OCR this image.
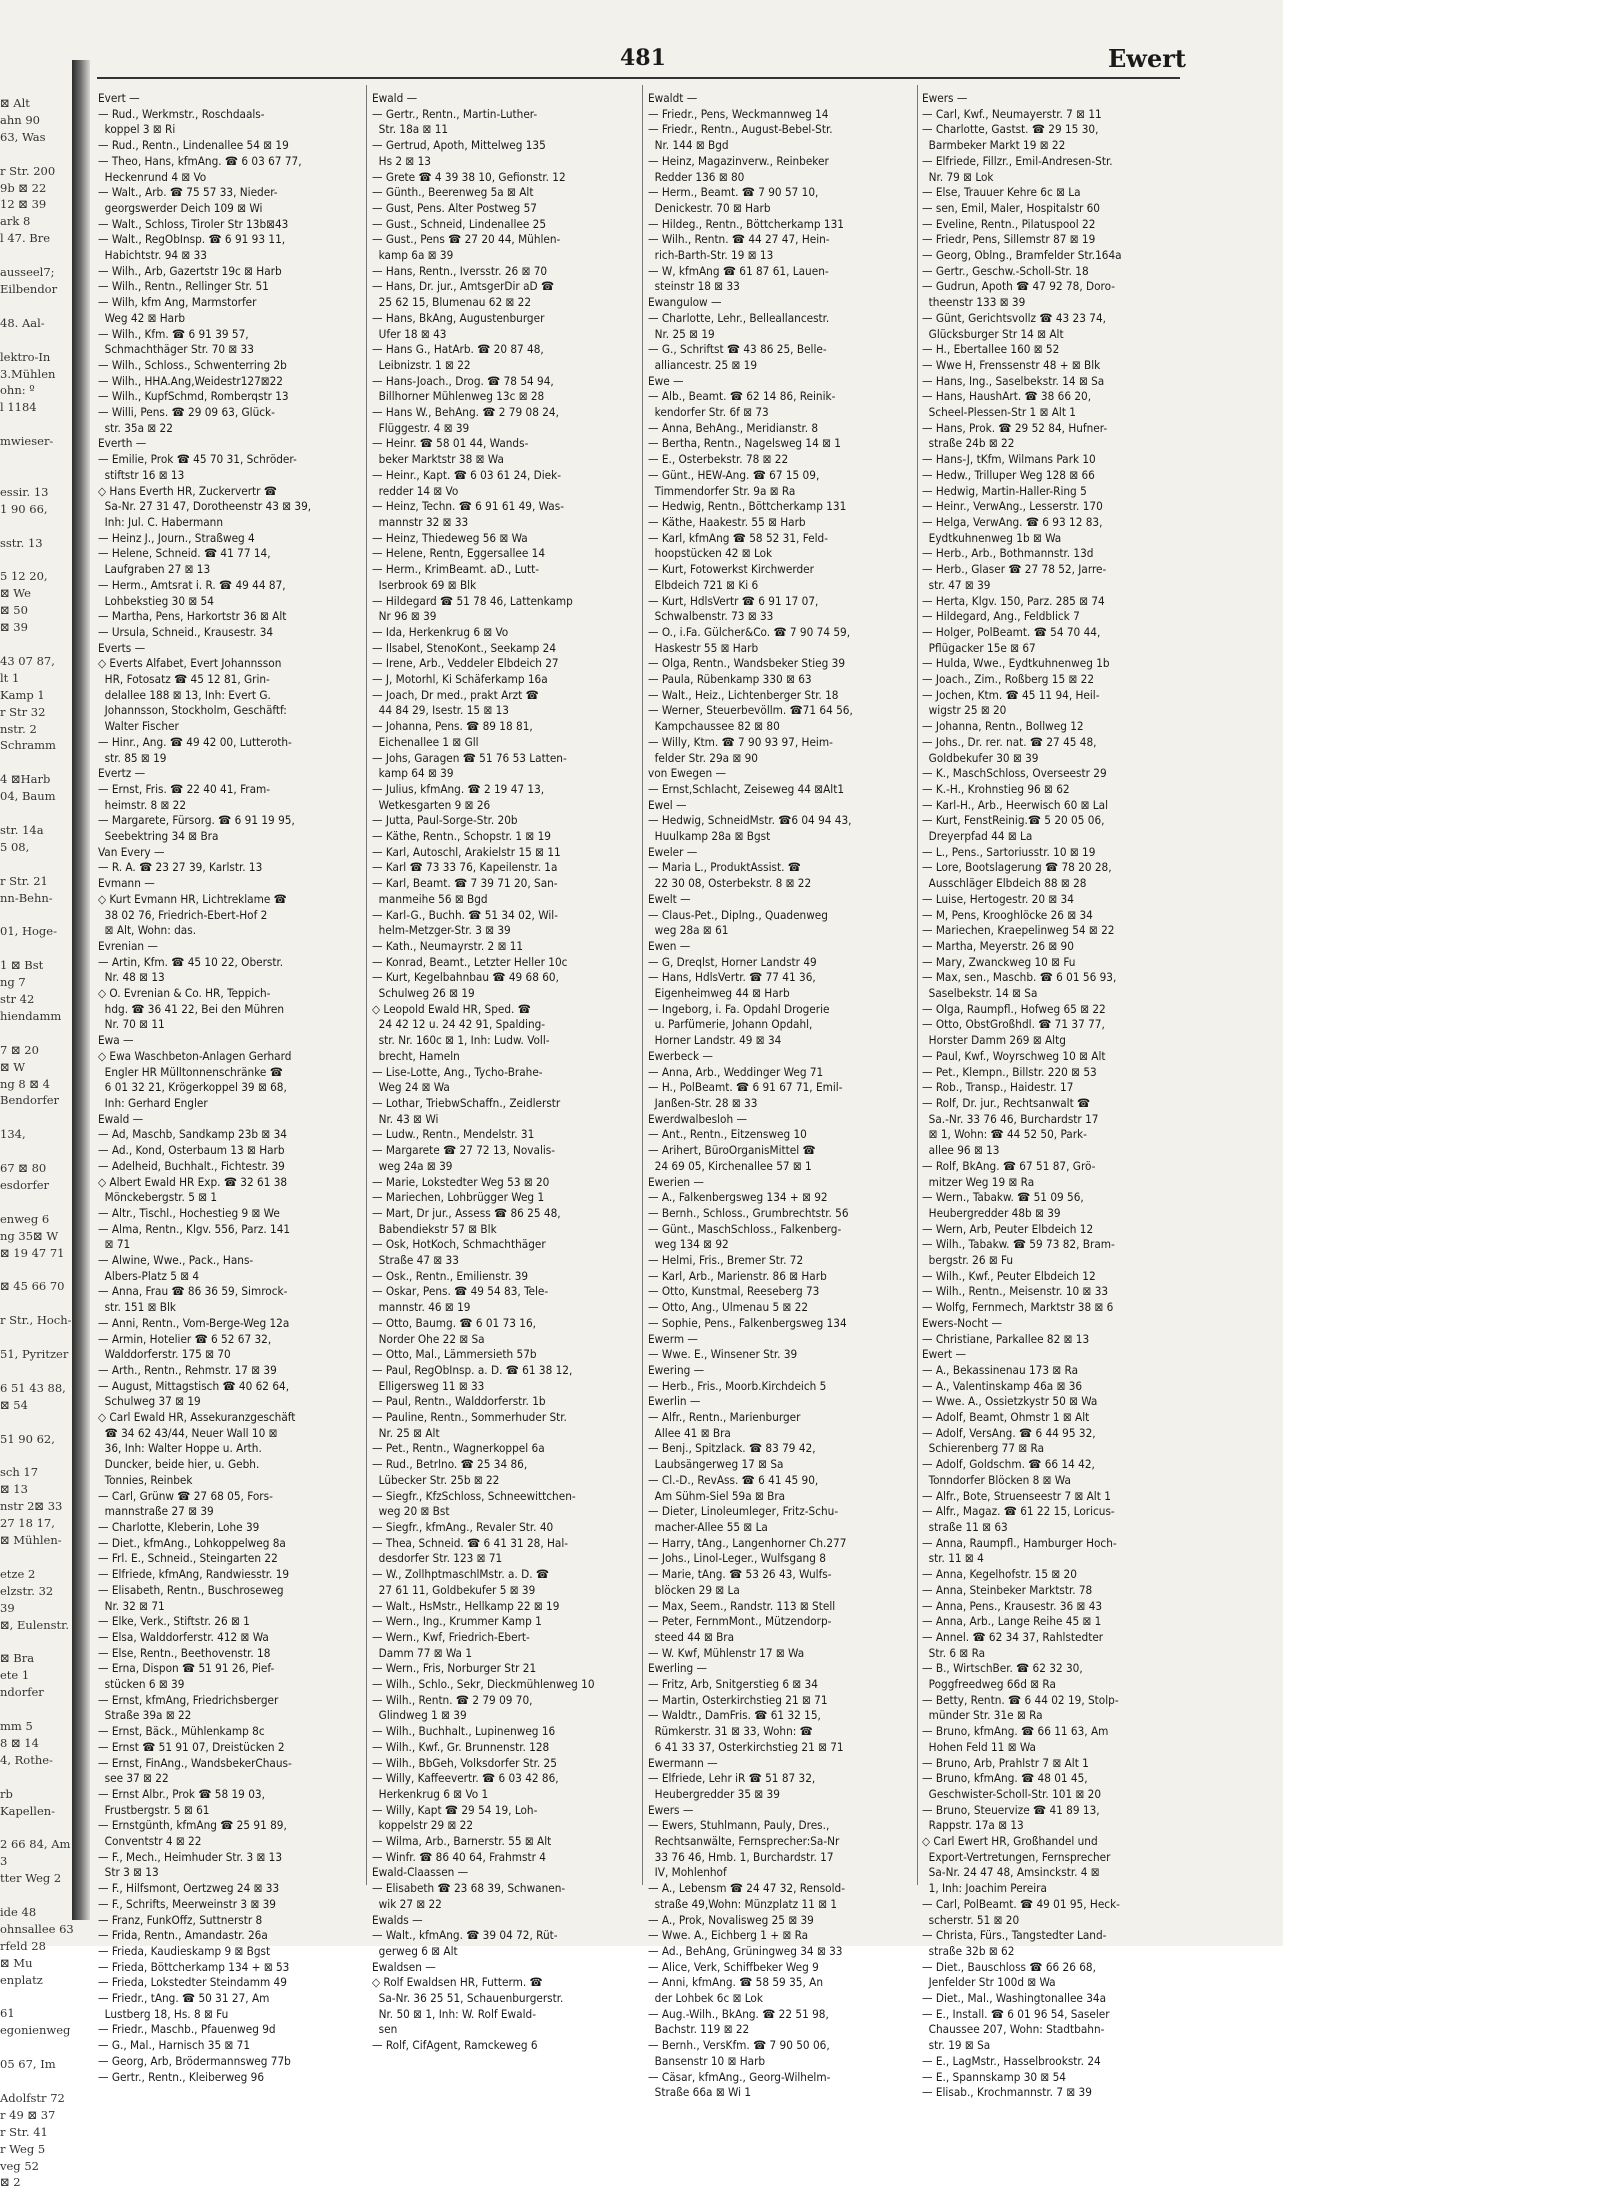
⊠ Alt
ahn 90
63, Was

r Str. 200
9b ⊠ 22
12 ⊠ 39
ark 8
l 47. Bre

ausseel7;
Eilbendor

48. Aal-

lektro-In
3.Mühlen
ohn: º
l 1184

mwieser-

essir. 13
1 90 66,

sstr. 13

5 12 20,
⊠ We
⊠ 50
⊠ 39

43 07 87,
lt 1
Kamp 1
r Str 32
nstr. 2
Schramm

4 ⊠Harb
04, Baum

str. 14a
5 08,

r Str. 21
nn-Behn-

01, Hoge-

1 ⊠ Bst
ng 7
str 42
hiendamm

7 ⊠ 20
⊠ W
ng 8 ⊠ 4
Bendorfer

134,

67 ⊠ 80
esdorfer

enweg 6
ng 35⊠ W
⊠ 19 47 71

⊠ 45 66 70

r Str., Hoch-

51, Pyritzer

6 51 43 88,
⊠ 54

51 90 62,

sch 17
⊠ 13
nstr 2⊠ 33
27 18 17,
⊠ Mühlen-

etze 2
elzstr. 32
39
⊠, Eulenstr.

⊠ Bra
ete 1
ndorfer

mm 5
8 ⊠ 14
4, Rothe-

rb
Kapellen-

2 66 84, Am
3
tter Weg 2

ide 48
ohnsallee 63
rfeld 28
⊠ Mu
enplatz

61
egonienweg

05 67, Im

Adolfstr 72
r 49 ⊠ 37
r Str. 41
r Weg 5
veg 52
⊠ 2
481	Ewert
Evert —
— Rud., Werkmstr., Roschdaals-
koppel 3 ⊠ Ri
— Rud., Rentn., Lindenallee 54 ⊠ 19
— Theo, Hans, kfmAng. ☎ 6 03 67 77,
Heckenrund 4 ⊠ Vo
— Walt., Arb. ☎ 75 57 33, Nieder-
georgswerder Deich 109 ⊠ Wi
— Walt., Schloss, Tiroler Str 13b⊠43
— Walt., RegObInsp. ☎ 6 91 93 11,
Habichtstr. 94 ⊠ 33
— Wilh., Arb, Gazertstr 19c ⊠ Harb
— Wilh., Rentn., Rellinger Str. 51
— Wilh, kfm Ang, Marmstorfer
Weg 42 ⊠ Harb
— Wilh., Kfm. ☎ 6 91 39 57,
Schmachthäger Str. 70 ⊠ 33
— Wilh., Schloss., Schwenterring 2b
— Wilh., HHA.Ang,Weidestr127⊠22
— Wilh., KupfSchmd, Romberqstr 13
— Willi, Pens. ☎ 29 09 63, Glück-
str. 35a ⊠ 22
Everth —
— Emilie, Prok ☎ 45 70 31, Schröder-
stiftstr 16 ⊠ 13
◇ Hans Everth HR, Zuckervertr ☎
Sa-Nr. 27 31 47, Dorotheenstr 43 ⊠ 39,
Inh: Jul. C. Habermann
— Heinz J., Journ., Straßweg 4
— Helene, Schneid. ☎ 41 77 14,
Laufgraben 27 ⊠ 13
— Herm., Amtsrat i. R. ☎ 49 44 87,
Lohbekstieg 30 ⊠ 54
— Martha, Pens, Harkortstr 36 ⊠ Alt
— Ursula, Schneid., Krausestr. 34
Everts —
◇ Everts Alfabet, Evert Johannsson
HR, Fotosatz ☎ 45 12 81, Grin-
delallee 188 ⊠ 13, Inh: Evert G.
Johannsson, Stockholm, Geschäftf:
Walter Fischer
— Hinr., Ang. ☎ 49 42 00, Lutteroth-
str. 85 ⊠ 19
Evertz —
— Ernst, Fris. ☎ 22 40 41, Fram-
heimstr. 8 ⊠ 22
— Margarete, Fürsorg. ☎ 6 91 19 95,
Seebektring 34 ⊠ Bra
Van Every —
— R. A. ☎ 23 27 39, Karlstr. 13
Evmann —
◇ Kurt Evmann HR, Lichtreklame ☎
38 02 76, Friedrich-Ebert-Hof 2
⊠ Alt, Wohn: das.
Evrenian —
— Artin, Kfm. ☎ 45 10 22, Oberstr.
Nr. 48 ⊠ 13
◇ O. Evrenian & Co. HR, Teppich-
hdg. ☎ 36 41 22, Bei den Mühren
Nr. 70 ⊠ 11
Ewa —
◇ Ewa Waschbeton-Anlagen Gerhard
Engler HR Mülltonnenschränke ☎
6 01 32 21, Krögerkoppel 39 ⊠ 68,
Inh: Gerhard Engler
Ewald —
— Ad, Maschb, Sandkamp 23b ⊠ 34
— Ad., Kond, Osterbaum 13 ⊠ Harb
— Adelheid, Buchhalt., Fichtestr. 39
◇ Albert Ewald HR Exp. ☎ 32 61 38
Mönckebergstr. 5 ⊠ 1
— Altr., Tischl., Hochestieg 9 ⊠ We
— Alma, Rentn., Klgv. 556, Parz. 141
⊠ 71
— Alwine, Wwe., Pack., Hans-
Albers-Platz 5 ⊠ 4
— Anna, Frau ☎ 86 36 59, Simrock-
str. 151 ⊠ Blk
— Anni, Rentn., Vom-Berge-Weg 12a
— Armin, Hotelier ☎ 6 52 67 32,
Walddorferstr. 175 ⊠ 70
— Arth., Rentn., Rehmstr. 17 ⊠ 39
— August, Mittagstisch ☎ 40 62 64,
Schulweg 37 ⊠ 19
◇ Carl Ewald HR, Assekuranzgeschäft
☎ 34 62 43/44, Neuer Wall 10 ⊠
36, Inh: Walter Hoppe u. Arth.
Duncker, beide hier, u. Gebh.
Tonnies, Reinbek
— Carl, Grünw ☎ 27 68 05, Fors-
mannstraße 27 ⊠ 39
— Charlotte, Kleberin, Lohe 39
— Diet., kfmAng., Lohkoppelweg 8a
— Frl. E., Schneid., Steingarten 22
— Elfriede, kfmAng, Randwiesstr. 19
— Elisabeth, Rentn., Buschroseweg
Nr. 32 ⊠ 71
— Elke, Verk., Stiftstr. 26 ⊠ 1
— Elsa, Walddorferstr. 412 ⊠ Wa
— Else, Rentn., Beethovenstr. 18
— Erna, Dispon ☎ 51 91 26, Pief-
stücken 6 ⊠ 39
— Ernst, kfmAng, Friedrichsberger
Straße 39a ⊠ 22
— Ernst, Bäck., Mühlenkamp 8c
— Ernst ☎ 51 91 07, Dreistücken 2
— Ernst, FinAng., WandsbekerChaus-
see 37 ⊠ 22
— Ernst Albr., Prok ☎ 58 19 03,
Frustbergstr. 5 ⊠ 61
— Ernstgünth, kfmAng ☎ 25 91 89,
Conventstr 4 ⊠ 22
— F., Mech., Heimhuder Str. 3 ⊠ 13
Str 3 ⊠ 13
— F., Hilfsmont, Oertzweg 24 ⊠ 33
— F., Schrifts, Meerweinstr 3 ⊠ 39
— Franz, FunkOffz, Suttnerstr 8
— Frida, Rentn., Amandastr. 26a
— Frieda, Kaudieskamp 9 ⊠ Bgst
— Frieda, Böttcherkamp 134 + ⊠ 53
— Frieda, Lokstedter Steindamm 49
— Friedr., tAng. ☎ 50 31 27, Am
Lustberg 18, Hs. 8 ⊠ Fu
— Friedr., Maschb., Pfauenweg 9d
— G., Mal., Harnisch 35 ⊠ 71
— Georg, Arb, Brödermannsweg 77b
— Gertr., Rentn., Kleiberweg 96
Ewald —
— Gertr., Rentn., Martin-Luther-
Str. 18a ⊠ 11
— Gertrud, Apoth, Mittelweg 135
Hs 2 ⊠ 13
— Grete ☎ 4 39 38 10, Gefionstr. 12
— Günth., Beerenweg 5a ⊠ Alt
— Gust, Pens. Alter Postweg 57
— Gust., Schneid, Lindenallee 25
— Gust., Pens ☎ 27 20 44, Mühlen-
kamp 6a ⊠ 39
— Hans, Rentn., Iversstr. 26 ⊠ 70
— Hans, Dr. jur., AmtsgerDir aD ☎
25 62 15, Blumenau 62 ⊠ 22
— Hans, BkAng, Augustenburger
Ufer 18 ⊠ 43
— Hans G., HatArb. ☎ 20 87 48,
Leibnizstr. 1 ⊠ 22
— Hans-Joach., Drog. ☎ 78 54 94,
Billhorner Mühlenweg 13c ⊠ 28
— Hans W., BehAng. ☎ 2 79 08 24,
Flüggestr. 4 ⊠ 39
— Heinr. ☎ 58 01 44, Wands-
beker Marktstr 38 ⊠ Wa
— Heinr., Kapt. ☎ 6 03 61 24, Diek-
redder 14 ⊠ Vo
— Heinz, Techn. ☎ 6 91 61 49, Was-
mannstr 32 ⊠ 33
— Heinz, Thiedeweg 56 ⊠ Wa
— Helene, Rentn, Eggersallee 14
— Herm., KrimBeamt. aD., Lutt-
Iserbrook 69 ⊠ Blk
— Hildegard ☎ 51 78 46, Lattenkamp
Nr 96 ⊠ 39
— Ida, Herkenkrug 6 ⊠ Vo
— Ilsabel, StenoKont., Seekamp 24
— Irene, Arb., Veddeler Elbdeich 27
— J, Motorhl, Ki Schäferkamp 16a
— Joach, Dr med., prakt Arzt ☎
44 84 29, Isestr. 15 ⊠ 13
— Johanna, Pens. ☎ 89 18 81,
Eichenallee 1 ⊠ Gll
— Johs, Garagen ☎ 51 76 53 Latten-
kamp 64 ⊠ 39
— Julius, kfmAng. ☎ 2 19 47 13,
Wetkesgarten 9 ⊠ 26
— Jutta, Paul-Sorge-Str. 20b
— Käthe, Rentn., Schopstr. 1 ⊠ 19
— Karl, Autoschl, Arakielstr 15 ⊠ 11
— Karl ☎ 73 33 76, Kapeilenstr. 1a
— Karl, Beamt. ☎ 7 39 71 20, San-
manmeihe 56 ⊠ Bgd
— Karl-G., Buchh. ☎ 51 34 02, Wil-
helm-Metzger-Str. 3 ⊠ 39
— Kath., Neumayrstr. 2 ⊠ 11
— Konrad, Beamt., Letzter Heller 10c
— Kurt, Kegelbahnbau ☎ 49 68 60,
Schulweg 26 ⊠ 19
◇ Leopold Ewald HR, Sped. ☎
24 42 12 u. 24 42 91, Spalding-
str. Nr. 160c ⊠ 1, Inh: Ludw. Voll-
brecht, Hameln
— Lise-Lotte, Ang., Tycho-Brahe-
Weg 24 ⊠ Wa
— Lothar, TriebwSchaffn., Zeidlerstr
Nr. 43 ⊠ Wi
— Ludw., Rentn., Mendelstr. 31
— Margarete ☎ 27 72 13, Novalis-
weg 24a ⊠ 39
— Marie, Lokstedter Weg 53 ⊠ 20
— Mariechen, Lohbrügger Weg 1
— Mart, Dr jur., Assess ☎ 86 25 48,
Babendiekstr 57 ⊠ Blk
— Osk, HotKoch, Schmachthäger
Straße 47 ⊠ 33
— Osk., Rentn., Emilienstr. 39
— Oskar, Pens. ☎ 49 54 83, Tele-
mannstr. 46 ⊠ 19
— Otto, Baumg. ☎ 6 01 73 16,
Norder Ohe 22 ⊠ Sa
— Otto, Mal., Lämmersieth 57b
— Paul, RegObInsp. a. D. ☎ 61 38 12,
Elligersweg 11 ⊠ 33
— Paul, Rentn., Walddorferstr. 1b
— Pauline, Rentn., Sommerhuder Str.
Nr. 25 ⊠ Alt
— Pet., Rentn., Wagnerkoppel 6a
— Rud., Betrlno. ☎ 25 34 86,
Lübecker Str. 25b ⊠ 22
— Siegfr., KfzSchloss, Schneewittchen-
weg 20 ⊠ Bst
— Siegfr., kfmAng., Revaler Str. 40
— Thea, Schneid. ☎ 6 41 31 28, Hal-
desdorfer Str. 123 ⊠ 71
— W., ZollhptmaschlMstr. a. D. ☎
27 61 11, Goldbekufer 5 ⊠ 39
— Walt., HsMstr., Hellkamp 22 ⊠ 19
— Wern., Ing., Krummer Kamp 1
— Wern., Kwf, Friedrich-Ebert-
Damm 77 ⊠ Wa 1
— Wern., Fris, Norburger Str 21
— Wilh., Schlo., Sekr, Dieckmühlenweg 10
— Wilh., Rentn. ☎ 2 79 09 70,
Glindweg 1 ⊠ 39
— Wilh., Buchhalt., Lupinenweg 16
— Wilh., Kwf., Gr. Brunnenstr. 128
— Wilh., BbGeh, Volksdorfer Str. 25
— Willy, Kaffeevertr. ☎ 6 03 42 86,
Herkenkrug 6 ⊠ Vo 1
— Willy, Kapt ☎ 29 54 19, Loh-
koppelstr 29 ⊠ 22
— Wilma, Arb., Barnerstr. 55 ⊠ Alt
— Winfr. ☎ 86 40 64, Frahmstr 4
Ewald-Claassen —
— Elisabeth ☎ 23 68 39, Schwanen-
wik 27 ⊠ 22
Ewalds —
— Walt., kfmAng. ☎ 39 04 72, Rüt-
gerweg 6 ⊠ Alt
Ewaldsen —
◇ Rolf Ewaldsen HR, Futterm. ☎
Sa-Nr. 36 25 51, Schauenburgerstr.
Nr. 50 ⊠ 1, Inh: W. Rolf Ewald-
sen
— Rolf, CifAgent, Ramckeweg 6
Ewaldt —
— Friedr., Pens, Weckmannweg 14
— Friedr., Rentn., August-Bebel-Str.
Nr. 144 ⊠ Bgd
— Heinz, Magazinverw., Reinbeker
Redder 136 ⊠ 80
— Herm., Beamt. ☎ 7 90 57 10,
Denickestr. 70 ⊠ Harb
— Hildeg., Rentn., Böttcherkamp 131
— Wilh., Rentn. ☎ 44 27 47, Hein-
rich-Barth-Str. 19 ⊠ 13
— W, kfmAng ☎ 61 87 61, Lauen-
steinstr 18 ⊠ 33
Ewangulow —
— Charlotte, Lehr., Belleallancestr.
Nr. 25 ⊠ 19
— G., Schriftst ☎ 43 86 25, Belle-
alliancestr. 25 ⊠ 19
Ewe —
— Alb., Beamt. ☎ 62 14 86, Reinik-
kendorfer Str. 6f ⊠ 73
— Anna, BehAng., Meridianstr. 8
— Bertha, Rentn., Nagelsweg 14 ⊠ 1
— E., Osterbekstr. 78 ⊠ 22
— Günt., HEW-Ang. ☎ 67 15 09,
Timmendorfer Str. 9a ⊠ Ra
— Hedwig, Rentn., Böttcherkamp 131
— Käthe, Haakestr. 55 ⊠ Harb
— Karl, kfmAng ☎ 58 52 31, Feld-
hoopstücken 42 ⊠ Lok
— Kurt, Fotowerkst Kirchwerder
Elbdeich 721 ⊠ Ki 6
— Kurt, HdlsVertr ☎ 6 91 17 07,
Schwalbenstr. 73 ⊠ 33
— O., i.Fa. Gülcher&Co. ☎ 7 90 74 59,
Haskestr 55 ⊠ Harb
— Olga, Rentn., Wandsbeker Stieg 39
— Paula, Rübenkamp 330 ⊠ 63
— Walt., Heiz., Lichtenberger Str. 18
— Werner, Steuerbevöllm. ☎71 64 56,
Kampchaussee 82 ⊠ 80
— Willy, Ktm. ☎ 7 90 93 97, Heim-
felder Str. 29a ⊠ 90
von Ewegen —
— Ernst,Schlacht, Zeiseweg 44 ⊠Alt1
Ewel —
— Hedwig, SchneidMstr. ☎6 04 94 43,
Huulkamp 28a ⊠ Bgst
Eweler —
— Maria L., ProduktAssist. ☎
22 30 08, Osterbekstr. 8 ⊠ 22
Ewelt —
— Claus-Pet., Diplng., Quadenweg
weg 28a ⊠ 61
Ewen —
— G, Dreqlst, Horner Landstr 49
— Hans, HdlsVertr. ☎ 77 41 36,
Eigenheimweg 44 ⊠ Harb
— Ingeborg, i. Fa. Opdahl Drogerie
u. Parfümerie, Johann Opdahl,
Horner Landstr. 49 ⊠ 34
Ewerbeck —
— Anna, Arb., Weddinger Weg 71
— H., PolBeamt. ☎ 6 91 67 71, Emil-
Janßen-Str. 28 ⊠ 33
Ewerdwalbesloh —
— Ant., Rentn., Eitzensweg 10
— Arihert, BüroOrganisMittel ☎
24 69 05, Kirchenallee 57 ⊠ 1
Ewerien —
— A., Falkenbergsweg 134 + ⊠ 92
— Bernh., Schloss., Grumbrechtstr. 56
— Günt., MaschSchloss., Falkenberg-
weg 134 ⊠ 92
— Helmi, Fris., Bremer Str. 72
— Karl, Arb., Marienstr. 86 ⊠ Harb
— Otto, Kunstmal, Reeseberg 73
— Otto, Ang., Ulmenau 5 ⊠ 22
— Sophie, Pens., Falkenbergsweg 134
Ewerm —
— Wwe. E., Winsener Str. 39
Ewering —
— Herb., Fris., Moorb.Kirchdeich 5
Ewerlin —
— Alfr., Rentn., Marienburger
Allee 41 ⊠ Bra
— Benj., Spitzlack. ☎ 83 79 42,
Laubsängerweg 17 ⊠ Sa
— Cl.-D., RevAss. ☎ 6 41 45 90,
Am Sühm-Siel 59a ⊠ Bra
— Dieter, Linoleumleger, Fritz-Schu-
macher-Allee 55 ⊠ La
— Harry, tAng., Langenhorner Ch.277
— Johs., Linol-Leger., Wulfsgang 8
— Marie, tAng. ☎ 53 26 43, Wulfs-
blöcken 29 ⊠ La
— Max, Seem., Randstr. 113 ⊠ Stell
— Peter, FernmMont., Mützendorp-
steed 44 ⊠ Bra
— W. Kwf, Mühlenstr 17 ⊠ Wa
Ewerling —
— Fritz, Arb, Snitgerstieg 6 ⊠ 34
— Martin, Osterkirchstieg 21 ⊠ 71
— Waldtr., DamFris. ☎ 61 32 15,
Rümkerstr. 31 ⊠ 33, Wohn: ☎
6 41 33 37, Osterkirchstieg 21 ⊠ 71
Ewermann —
— Elfriede, Lehr iR ☎ 51 87 32,
Heubergredder 35 ⊠ 39
Ewers —
— Ewers, Stuhlmann, Pauly, Dres.,
Rechtsanwälte, Fernsprecher:Sa-Nr
33 76 46, Hmb. 1, Burchardstr. 17
IV, Mohlenhof
— A., Lebensm ☎ 24 47 32, Rensold-
straße 49,Wohn: Münzplatz 11 ⊠ 1
— A., Prok, Novalisweg 25 ⊠ 39
— Wwe. A., Eichberg 1 + ⊠ Ra
— Ad., BehAng, Grüningweg 34 ⊠ 33
— Alice, Verk, Schiffbeker Weg 9
— Anni, kfmAng. ☎ 58 59 35, An
der Lohbek 6c ⊠ Lok
— Aug.-Wilh., BkAng. ☎ 22 51 98,
Bachstr. 119 ⊠ 22
— Bernh., VersKfm. ☎ 7 90 50 06,
Bansenstr 10 ⊠ Harb
— Cäsar, kfmAng., Georg-Wilhelm-
Straße 66a ⊠ Wi 1
Ewers —
— Carl, Kwf., Neumayerstr. 7 ⊠ 11
— Charlotte, Gastst. ☎ 29 15 30,
Barmbeker Markt 19 ⊠ 22
— Elfriede, Fillzr., Emil-Andresen-Str.
Nr. 79 ⊠ Lok
— Else, Trauuer Kehre 6c ⊠ La
— sen, Emil, Maler, Hospitalstr 60
— Eveline, Rentn., Pilatuspool 22
— Friedr, Pens, Sillemstr 87 ⊠ 19
— Georg, Oblng., Bramfelder Str.164a
— Gertr., Geschw.-Scholl-Str. 18
— Gudrun, Apoth ☎ 47 92 78, Doro-
theenstr 133 ⊠ 39
— Günt, Gerichtsvollz ☎ 43 23 74,
Glücksburger Str 14 ⊠ Alt
— H., Ebertallee 160 ⊠ 52
— Wwe H, Frenssenstr 48 + ⊠ Blk
— Hans, Ing., Saselbekstr. 14 ⊠ Sa
— Hans, HaushArt. ☎ 38 66 20,
Scheel-Plessen-Str 1 ⊠ Alt 1
— Hans, Prok. ☎ 29 52 84, Hufner-
straße 24b ⊠ 22
— Hans-J, tKfm, Wilmans Park 10
— Hedw., Trilluper Weg 128 ⊠ 66
— Hedwig, Martin-Haller-Ring 5
— Heinr., VerwAng., Lesserstr. 170
— Helga, VerwAng. ☎ 6 93 12 83,
Eydtkuhnenweg 1b ⊠ Wa
— Herb., Arb., Bothmannstr. 13d
— Herb., Glaser ☎ 27 78 52, Jarre-
str. 47 ⊠ 39
— Herta, Klgv. 150, Parz. 285 ⊠ 74
— Hildegard, Ang., Feldblick 7
— Holger, PolBeamt. ☎ 54 70 44,
Pflügacker 15e ⊠ 67
— Hulda, Wwe., Eydtkuhnenweg 1b
— Joach., Zim., Roßberg 15 ⊠ 22
— Jochen, Ktm. ☎ 45 11 94, Heil-
wigstr 25 ⊠ 20
— Johanna, Rentn., Bollweg 12
— Johs., Dr. rer. nat. ☎ 27 45 48,
Goldbekufer 30 ⊠ 39
— K., MaschSchloss, Overseestr 29
— K.-H., Krohnstieg 96 ⊠ 62
— Karl-H., Arb., Heerwisch 60 ⊠ Lal
— Kurt, FenstReinig.☎ 5 20 05 06,
Dreyerpfad 44 ⊠ La
— L., Pens., Sartoriusstr. 10 ⊠ 19
— Lore, Bootslagerung ☎ 78 20 28,
Ausschläger Elbdeich 88 ⊠ 28
— Luise, Hertogestr. 20 ⊠ 34
— M, Pens, Krooghlöcke 26 ⊠ 34
— Mariechen, Kraepelinweg 54 ⊠ 22
— Martha, Meyerstr. 26 ⊠ 90
— Mary, Zwanckweg 10 ⊠ Fu
— Max, sen., Maschb. ☎ 6 01 56 93,
Saselbekstr. 14 ⊠ Sa
— Olga, Raumpfl., Hofweg 65 ⊠ 22
— Otto, ObstGroßhdl. ☎ 71 37 77,
Horster Damm 269 ⊠ Altg
— Paul, Kwf., Woyrschweg 10 ⊠ Alt
— Pet., Klempn., Billstr. 220 ⊠ 53
— Rob., Transp., Haidestr. 17
— Rolf, Dr. jur., Rechtsanwalt ☎
Sa.-Nr. 33 76 46, Burchardstr 17
⊠ 1, Wohn: ☎ 44 52 50, Park-
allee 96 ⊠ 13
— Rolf, BkAng. ☎ 67 51 87, Grö-
mitzer Weg 19 ⊠ Ra
— Wern., Tabakw. ☎ 51 09 56,
Heubergredder 48b ⊠ 39
— Wern, Arb, Peuter Elbdeich 12
— Wilh., Tabakw. ☎ 59 73 82, Bram-
bergstr. 26 ⊠ Fu
— Wilh., Kwf., Peuter Elbdeich 12
— Wilh., Rentn., Meisenstr. 10 ⊠ 33
— Wolfg, Fernmech, Marktstr 38 ⊠ 6
Ewers-Nocht —
— Christiane, Parkallee 82 ⊠ 13
Ewert —
— A., Bekassinenau 173 ⊠ Ra
— A., Valentinskamp 46a ⊠ 36
— Wwe. A., Ossietzkystr 50 ⊠ Wa
— Adolf, Beamt, Ohmstr 1 ⊠ Alt
— Adolf, VersAng. ☎ 6 44 95 32,
Schierenberg 77 ⊠ Ra
— Adolf, Goldschm. ☎ 66 14 42,
Tonndorfer Blöcken 8 ⊠ Wa
— Alfr., Bote, Struenseestr 7 ⊠ Alt 1
— Alfr., Magaz. ☎ 61 22 15, Loricus-
straße 11 ⊠ 63
— Anna, Raumpfl., Hamburger Hoch-
str. 11 ⊠ 4
— Anna, Kegelhofstr. 15 ⊠ 20
— Anna, Steinbeker Marktstr. 78
— Anna, Pens., Krausestr. 36 ⊠ 43
— Anna, Arb., Lange Reihe 45 ⊠ 1
— Annel. ☎ 62 34 37, Rahlstedter
Str. 6 ⊠ Ra
— B., WirtschBer. ☎ 62 32 30,
Poggfreedweg 66d ⊠ Ra
— Betty, Rentn. ☎ 6 44 02 19, Stolp-
münder Str. 31e ⊠ Ra
— Bruno, kfmAng. ☎ 66 11 63, Am
Hohen Feld 11 ⊠ Wa
— Bruno, Arb, Prahlstr 7 ⊠ Alt 1
— Bruno, kfmAng. ☎ 48 01 45,
Geschwister-Scholl-Str. 101 ⊠ 20
— Bruno, Steuervize ☎ 41 89 13,
Rappstr. 17a ⊠ 13
◇ Carl Ewert HR, Großhandel und
Export-Vertretungen, Fernsprecher
Sa-Nr. 24 47 48, Amsinckstr. 4 ⊠
1, Inh: Joachim Pereira
— Carl, PolBeamt. ☎ 49 01 95, Heck-
scherstr. 51 ⊠ 20
— Christa, Fürs., Tangstedter Land-
straße 32b ⊠ 62
— Diet., Bauschloss ☎ 66 26 68,
Jenfelder Str 100d ⊠ Wa
— Diet., Mal., Washingtonallee 34a
— E., Install. ☎ 6 01 96 54, Saseler
Chaussee 207, Wohn: Stadtbahn-
str. 19 ⊠ Sa
— E., LagMstr., Hasselbrookstr. 24
— E., Spannskamp 30 ⊠ 54
— Elisab., Krochmannstr. 7 ⊠ 39
